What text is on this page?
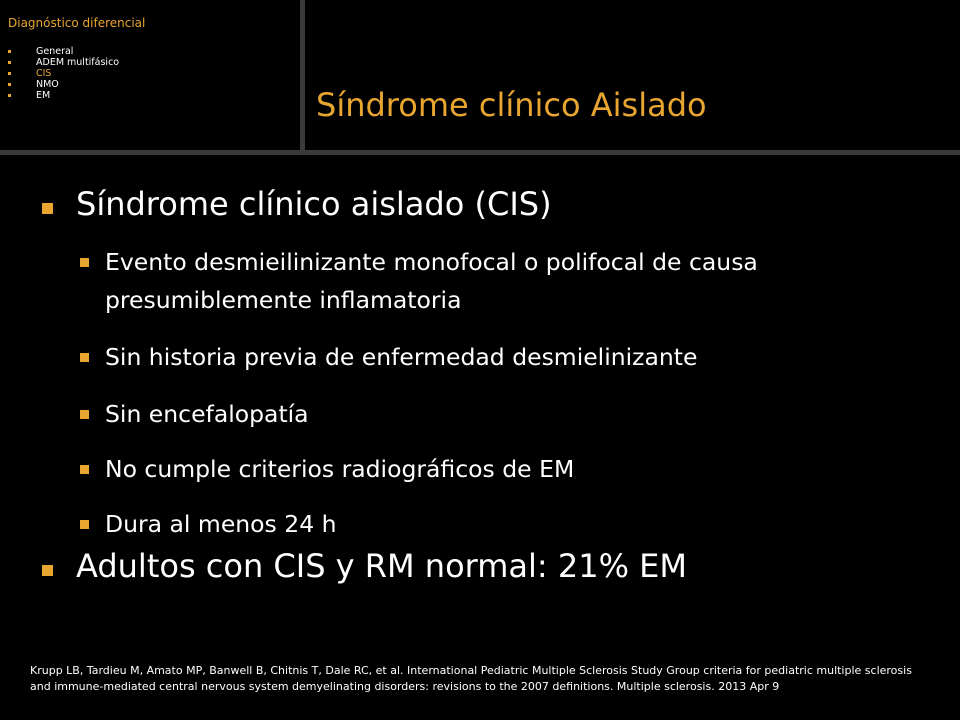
Diagnóstico diferencial
General
ADEM multifásico
CIS
NMO
EM	Síndrome clínico Aislado
Síndrome clínico aislado (CIS)
Evento desmieilinizante monofocal o polifocal de causa presumiblemente inflamatoria
Sin historia previa de enfermedad desmielinizante
Sin encefalopatía
No cumple criterios radiográficos de EM
Dura al menos 24 h
Adultos con CIS y RM normal: 21% EM
Krupp LB, Tardieu M, Amato MP, Banwell B, Chitnis T, Dale RC, et al. International Pediatric Multiple Sclerosis Study Group criteria for pediatric multiple sclerosis and immune-mediated central nervous system demyelinating disorders: revisions to the 2007 definitions. Multiple sclerosis. 2013 Apr 9
